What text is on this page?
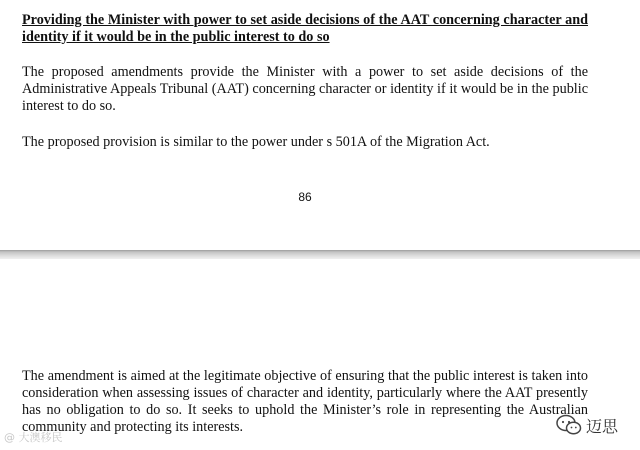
Providing the Minister with power to set aside decisions of the AAT concerning character and identity if it would be in the public interest to do so

The proposed amendments provide the Minister with a power to set aside decisions of the Administrative Appeals Tribunal (AAT) concerning character or identity if it would be in the public interest to do so.

The proposed provision is similar to the power under s 501A of the Migration Act.

86

The amendment is aimed at the legitimate objective of ensuring that the public interest is taken into consideration when assessing issues of character and identity, particularly where the AAT presently has no obligation to do so. It seeks to uphold the Minister’s role in representing the Australian community and protecting its interests.

@ 大澳移民
迈思
